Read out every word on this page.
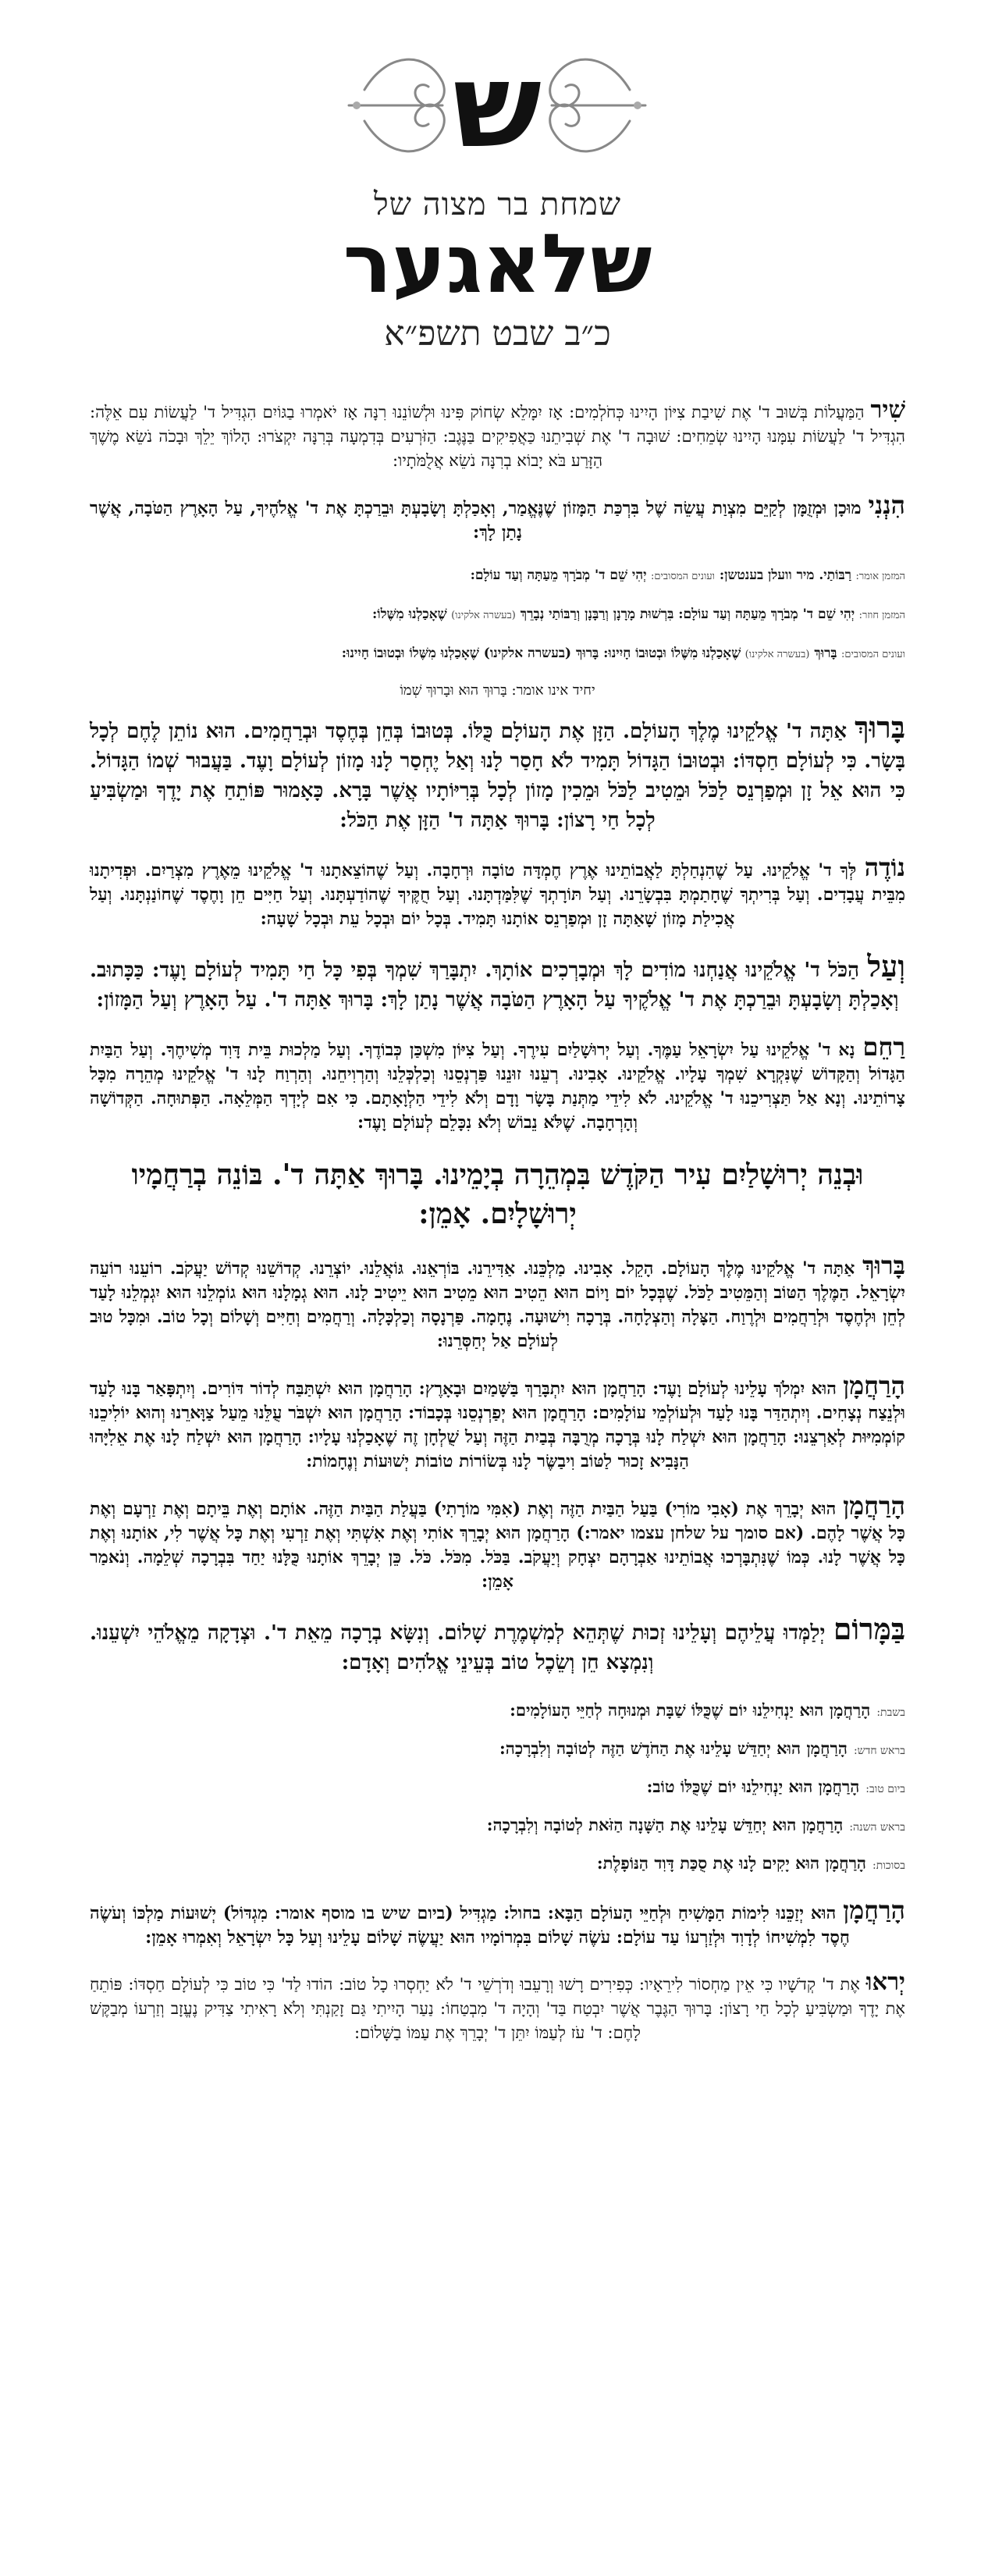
ש
שמחת בר מצוה של
שלאגער
כ״ב שבט תשפ״א

שִׁיר הַמַּעֲלוֹת בְּשׁוּב ד' אֶת שִׁיבַת צִיּוֹן הָיִינוּ כְּחֹלְמִים: אָז יִמָּלֵא שְׂחוֹק פִּינוּ וּלְשׁוֹנֵנוּ רִנָּה אָז יֹאמְרוּ בַגּוֹיִם הִגְדִּיל ד' לַעֲשׂוֹת עִם אֵלֶּה: הִגְדִּיל ד' לַעֲשׂוֹת עִמָּנוּ הָיִינוּ שְׂמֵחִים: שׁוּבָה ד' אֶת שְׁבִיתֵנוּ כַּאֲפִיקִים בַּנֶּגֶב: הַזֹּרְעִים בְּדִמְעָה בְּרִנָּה יִקְצֹרוּ: הָלוֹךְ יֵלֵךְ וּבָכֹה נֹשֵׂא מֶשֶׁךְ הַזָּרַע בֹּא יָבוֹא בְרִנָּה נֹשֵׂא אֲלֻמֹּתָיו:

הִנְנִי מוּכָן וּמְזֻמָּן לְקַיֵּם מִצְוַת עֲשֵׂה שֶׁל בִּרְכַּת הַמָּזוֹן שֶׁנֶּאֱמַר, וְאָכַלְתָּ וְשָׂבָעְתָּ וּבֵרַכְתָּ אֶת ד' אֱלֹהֶיךָ, עַל הָאָרֶץ הַטֹּבָה, אֲשֶׁר נָתַן לָךְ:

המזמן אומר: רַבּוֹתַי. מיר וועלן בענטשן: ועונים המסובים: יְהִי שֵׁם ד' מְבֹרָךְ מֵעַתָּה וְעַד עוֹלָם:

המזמן חוזר: יְהִי שֵׁם ד' מְבֹרָךְ מֵעַתָּה וְעַד עוֹלָם: בִּרְשׁוּת מָרָנָן וְרַבָּנָן וְרַבּוֹתַי נְבָרֵךְ (בעשרה אלקינו) שֶׁאָכַלְנוּ מִשֶּׁלוֹ:

ועונים המסובים: בָּרוּךְ (בעשרה אלקינו) שֶׁאָכַלְנוּ מִשֶּׁלוֹ וּבְטוּבוֹ חָיִינוּ: בָּרוּךְ (בעשרה אלקינו) שֶׁאָכַלְנוּ מִשֶּׁלוֹ וּבְטוּבוֹ חָיִינוּ:

יחיד אינו אומר: בָּרוּךְ הוּא וּבָרוּךְ שְׁמוֹ

בָּרוּךְ אַתָּה ד' אֱלֹקֵינוּ מֶלֶךְ הָעוֹלָם. הַזָּן אֶת הָעוֹלָם כֻּלּוֹ. בְּטוּבוֹ בְּחֵן בְּחֶסֶד וּבְרַחֲמִים. הוּא נוֹתֵן לֶחֶם לְכָל בָּשָׂר. כִּי לְעוֹלָם חַסְדּוֹ: וּבְטוּבוֹ הַגָּדוֹל תָּמִיד לֹא חָסַר לָנוּ וְאַל יֶחְסַר לָנוּ מָזוֹן לְעוֹלָם וָעֶד. בַּעֲבוּר שְׁמוֹ הַגָּדוֹל. כִּי הוּא אֵל זָן וּמְפַרְנֵס לַכֹּל וּמֵטִיב לַכֹּל וּמֵכִין מָזוֹן לְכָל בְּרִיּוֹתָיו אֲשֶׁר בָּרָא. כָּאָמוּר פּוֹתֵחַ אֶת יָדֶךָ וּמַשְׂבִּיעַ לְכָל חַי רָצוֹן: בָּרוּךְ אַתָּה ד' הַזָּן אֶת הַכֹּל:

נוֹדֶה לְּךָ ד' אֱלֹקֵינוּ. עַל שֶׁהִנְחַלְתָּ לַאֲבוֹתֵינוּ אֶרֶץ חֶמְדָּה טוֹבָה וּרְחָבָה. וְעַל שֶׁהוֹצֵאתָנוּ ד' אֱלֹקֵינוּ מֵאֶרֶץ מִצְרַיִם. וּפְדִיתָנוּ מִבֵּית עֲבָדִים. וְעַל בְּרִיתְךָ שֶׁחָתַמְתָּ בִּבְשָׂרֵנוּ. וְעַל תּוֹרָתְךָ שֶׁלִּמַּדְתָּנוּ. וְעַל חֻקֶּיךָ שֶׁהוֹדַעְתָּנוּ. וְעַל חַיִּים חֵן וָחֶסֶד שֶׁחוֹנַנְתָּנוּ. וְעַל אֲכִילַת מָזוֹן שָׁאַתָּה זָן וּמְפַרְנֵס אוֹתָנוּ תָּמִיד. בְּכָל יוֹם וּבְכָל עֵת וּבְכָל שָׁעָה:

וְעַל הַכֹּל ד' אֱלֹקֵינוּ אֲנַחְנוּ מוֹדִים לָךְ וּמְבָרְכִים אוֹתָךְ. יִתְבָּרַךְ שִׁמְךָ בְּפִי כָּל חַי תָּמִיד לְעוֹלָם וָעֶד: כַּכָּתוּב. וְאָכַלְתָּ וְשָׂבָעְתָּ וּבֵרַכְתָּ אֶת ד' אֱלֹקֶיךָ עַל הָאָרֶץ הַטֹּבָה אֲשֶׁר נָתַן לָךְ: בָּרוּךְ אַתָּה ד'. עַל הָאָרֶץ וְעַל הַמָּזוֹן:

רַחֵם נָא ד' אֱלֹקֵינוּ עַל יִשְׂרָאֵל עַמֶּךָ. וְעַל יְרוּשָׁלַיִם עִירֶךָ. וְעַל צִיּוֹן מִשְׁכַּן כְּבוֹדֶךָ. וְעַל מַלְכוּת בֵּית דָּוִד מְשִׁיחֶךָ. וְעַל הַבַּיִת הַגָּדוֹל וְהַקָּדוֹשׁ שֶׁנִּקְרָא שִׁמְךָ עָלָיו. אֱלֹקֵינוּ. אָבִינוּ. רְעֵנוּ זוּנֵנוּ פַּרְנְסֵנוּ וְכַלְכְּלֵנוּ וְהַרְוִיחֵנוּ. וְהַרְוַח לָנוּ ד' אֱלֹקֵינוּ מְהֵרָה מִכָּל צָרוֹתֵינוּ. וְנָא אַל תַּצְרִיכֵנוּ ד' אֱלֹקֵינוּ. לֹא לִידֵי מַתְּנַת בָּשָׂר וָדָם וְלֹא לִידֵי הַלְוָאָתָם. כִּי אִם לְיָדְךָ הַמְּלֵאָה. הַפְּתוּחָה. הַקְּדוֹשָׁה וְהָרְחָבָה. שֶׁלֹּא נֵבוֹשׁ וְלֹא נִכָּלֵם לְעוֹלָם וָעֶד:

וּבְנֵה יְרוּשָׁלַיִם עִיר הַקֹּדֶשׁ בִּמְהֵרָה בְיָמֵינוּ. בָּרוּךְ אַתָּה ד'. בּוֹנֵה בְרַחֲמָיו יְרוּשָׁלָיִם. אָמֵן:

בָּרוּךְ אַתָּה ד' אֱלֹקֵינוּ מֶלֶךְ הָעוֹלָם. הָקֵל. אָבִינוּ. מַלְכֵּנוּ. אַדִּירֵנוּ. בּוֹרְאֵנוּ. גּוֹאֲלֵנוּ. יוֹצְרֵנוּ. קְדוֹשֵׁנוּ קְדוֹשׁ יַעֲקֹב. רוֹעֵנוּ רוֹעֵה יִשְׂרָאֵל. הַמֶּלֶךְ הַטּוֹב וְהַמֵּטִיב לַכֹּל. שֶׁבְּכָל יוֹם וָיוֹם הוּא הֵטִיב הוּא מֵטִיב הוּא יֵיטִיב לָנוּ. הוּא גְמָלָנוּ הוּא גוֹמְלֵנוּ הוּא יִגְמְלֵנוּ לָעַד לְחֵן וּלְחֶסֶד וּלְרַחֲמִים וּלְרֶוַח. הַצָּלָה וְהַצְלָחָה. בְּרָכָה וִישׁוּעָה. נֶחָמָה. פַּרְנָסָה וְכַלְכָּלָה. וְרַחֲמִים וְחַיִּים וְשָׁלוֹם וְכָל טוֹב. וּמִכָּל טוּב לְעוֹלָם אַל יְחַסְּרֵנוּ:

הָרַחֲמָן הוּא יִמְלֹךְ עָלֵינוּ לְעוֹלָם וָעֶד: הָרַחֲמָן הוּא יִתְבָּרַךְ בַּשָּׁמַיִם וּבָאָרֶץ: הָרַחֲמָן הוּא יִשְׁתַּבַּח לְדוֹר דּוֹרִים. וְיִתְפָּאַר בָּנוּ לָעַד וּלְנֵצַח נְצָחִים. וְיִתְהַדַּר בָּנוּ לָעַד וּלְעוֹלְמֵי עוֹלָמִים: הָרַחֲמָן הוּא יְפַרְנְסֵנוּ בְּכָבוֹד: הָרַחֲמָן הוּא יִשְׁבֹּר עֻלֵּנוּ מֵעַל צַוָּארֵנוּ וְהוּא יוֹלִיכֵנוּ קוֹמְמִיּוּת לְאַרְצֵנוּ: הָרַחֲמָן הוּא יִשְׁלַח לָנוּ בְּרָכָה מְרֻבָּה בְּבַיִת הַזֶּה וְעַל שֻׁלְחָן זֶה שֶׁאָכַלְנוּ עָלָיו: הָרַחֲמָן הוּא יִשְׁלַח לָנוּ אֶת אֵלִיָּהוּ הַנָּבִיא זָכוּר לַטּוֹב וִיבַשֶּׂר לָנוּ בְּשׂוֹרוֹת טוֹבוֹת יְשׁוּעוֹת וְנֶחָמוֹת:

הָרַחֲמָן הוּא יְבָרֵךְ אֶת (אָבִי מוֹרִי) בַּעַל הַבַּיִת הַזֶּה וְאֶת (אִמִּי מוֹרָתִי) בַּעֲלַת הַבַּיִת הַזֶּה. אוֹתָם וְאֶת בֵּיתָם וְאֶת זַרְעָם וְאֶת כָּל אֲשֶׁר לָהֶם. (אם סומך על שלחן עצמו יאמר:) הָרַחֲמָן הוּא יְבָרֵךְ אוֹתִי וְאֶת אִשְׁתִּי וְאֶת זַרְעִי וְאֶת כָּל אֲשֶׁר לִי, אוֹתָנוּ וְאֶת כָּל אֲשֶׁר לָנוּ. כְּמוֹ שֶׁנִּתְבָּרְכוּ אֲבוֹתֵינוּ אַבְרָהָם יִצְחָק וְיַעֲקֹב. בַּכֹּל. מִכֹּל. כֹּל. כֵּן יְבָרֵךְ אוֹתָנוּ כֻּלָּנוּ יַחַד בִּבְרָכָה שְׁלֵמָה. וְנֹאמַר אָמֵן:

בַּמָּרוֹם יְלַמְּדוּ עֲלֵיהֶם וְעָלֵינוּ זְכוּת שֶׁתְּהֵא לְמִשְׁמֶרֶת שָׁלוֹם. וְנִשָּׂא בְרָכָה מֵאֵת ד'. וּצְדָקָה מֵאֱלֹהֵי יִשְׁעֵנוּ. וְנִמְצָא חֵן וְשֵׂכֶל טוֹב בְּעֵינֵי אֱלֹהִים וְאָדָם:

בשבת:הָרַחֲמָן הוּא יַנְחִילֵנוּ יוֹם שֶׁכֻּלּוֹ שַׁבָּת וּמְנוּחָה לְחַיֵּי הָעוֹלָמִים:

בראש חדש:הָרַחֲמָן הוּא יְחַדֵּשׁ עָלֵינוּ אֶת הַחֹדֶשׁ הַזֶּה לְטוֹבָה וְלִבְרָכָה:

ביום טוב:הָרַחֲמָן הוּא יַנְחִילֵנוּ יוֹם שֶׁכֻּלּוֹ טוֹב:

בראש השנה:הָרַחֲמָן הוּא יְחַדֵּשׁ עָלֵינוּ אֶת הַשָּׁנָה הַזֹּאת לְטוֹבָה וְלִבְרָכָה:

בסוכות:הָרַחֲמָן הוּא יָקִים לָנוּ אֶת סֻכַּת דָּוִד הַנּוֹפָלֶת:

הָרַחֲמָן הוּא יְזַכֵּנוּ לִימוֹת הַמָּשִׁיחַ וּלְחַיֵּי הָעוֹלָם הַבָּא: בחול: מַגְדִּיל (ביום שיש בו מוסף אומר: מִגְדּוֹל) יְשׁוּעוֹת מַלְכּוֹ וְעֹשֶׂה חֶסֶד לִמְשִׁיחוֹ לְדָוִד וּלְזַרְעוֹ עַד עוֹלָם: עֹשֶׂה שָׁלוֹם בִּמְרוֹמָיו הוּא יַעֲשֶׂה שָׁלוֹם עָלֵינוּ וְעַל כָּל יִשְׂרָאֵל וְאִמְרוּ אָמֵן:

יְראוּ אֶת ד' קְדֹשָׁיו כִּי אֵין מַחְסוֹר לִירֵאָיו: כְּפִירִים רָשׁוּ וְרָעֵבוּ וְדֹרְשֵׁי ד' לֹא יַחְסְרוּ כָל טוֹב: הוֹדוּ לַד' כִּי טוֹב כִּי לְעוֹלָם חַסְדּוֹ: פּוֹתֵחַ אֶת יָדֶךָ וּמַשְׂבִּיעַ לְכָל חַי רָצוֹן: בָּרוּךְ הַגֶּבֶר אֲשֶׁר יִבְטַח בַּד' וְהָיָה ד' מִבְטַחוֹ: נַעַר הָיִיתִי גַּם זָקַנְתִּי וְלֹא רָאִיתִי צַדִּיק נֶעֱזָב וְזַרְעוֹ מְבַקֶּשׁ לָחֶם: ד' עֹז לְעַמּוֹ יִתֵּן ד' יְבָרֵךְ אֶת עַמּוֹ בַשָּׁלוֹם:
